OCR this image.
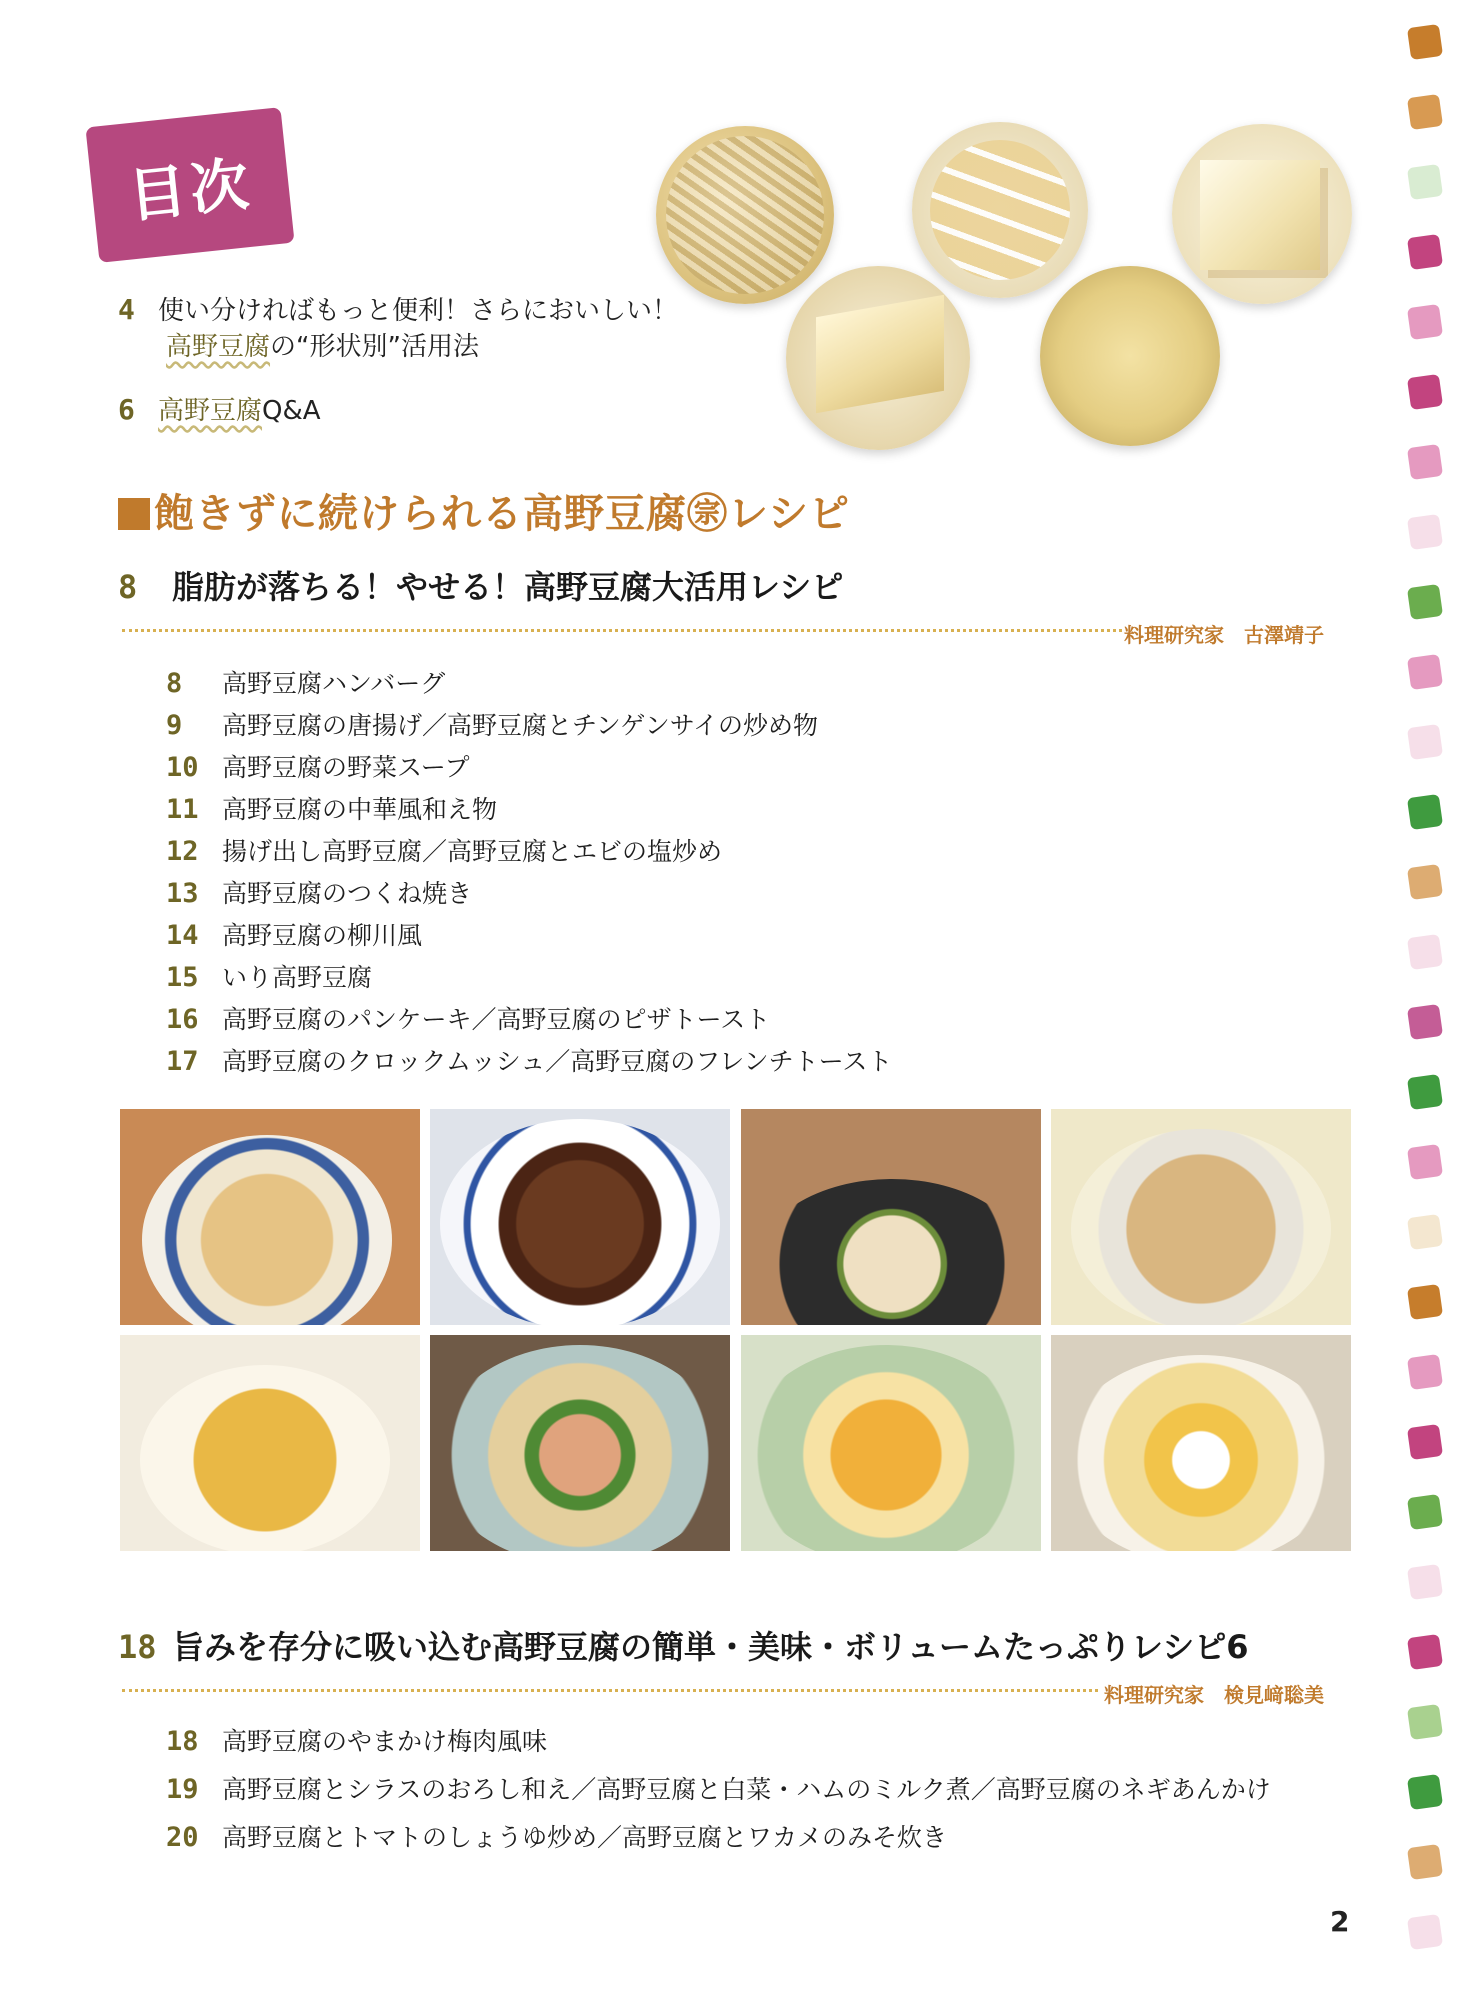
目次
4 使い分ければもっと便利！さらにおいしい！
高野豆腐の“形状別”活用法
6 高野豆腐Q&A
飽きずに続けられる高野豆腐㊪レシピ
8 脂肪が落ちる！やせる！高野豆腐大活用レシピ
料理研究家　古澤靖子
8 高野豆腐ハンバーグ
9 高野豆腐の唐揚げ／高野豆腐とチンゲンサイの炒め物
10 高野豆腐の野菜スープ
11 高野豆腐の中華風和え物
12 揚げ出し高野豆腐／高野豆腐とエビの塩炒め
13 高野豆腐のつくね焼き
14 高野豆腐の柳川風
15 いり高野豆腐
16 高野豆腐のパンケーキ／高野豆腐のピザトースト
17 高野豆腐のクロックムッシュ／高野豆腐のフレンチトースト
18 旨みを存分に吸い込む高野豆腐の簡単・美味・ボリュームたっぷりレシピ6
料理研究家　検見﨑聡美
18 高野豆腐のやまかけ梅肉風味
19 高野豆腐とシラスのおろし和え／高野豆腐と白菜・ハムのミルク煮／高野豆腐のネギあんかけ
20 高野豆腐とトマトのしょうゆ炒め／高野豆腐とワカメのみそ炊き
2
